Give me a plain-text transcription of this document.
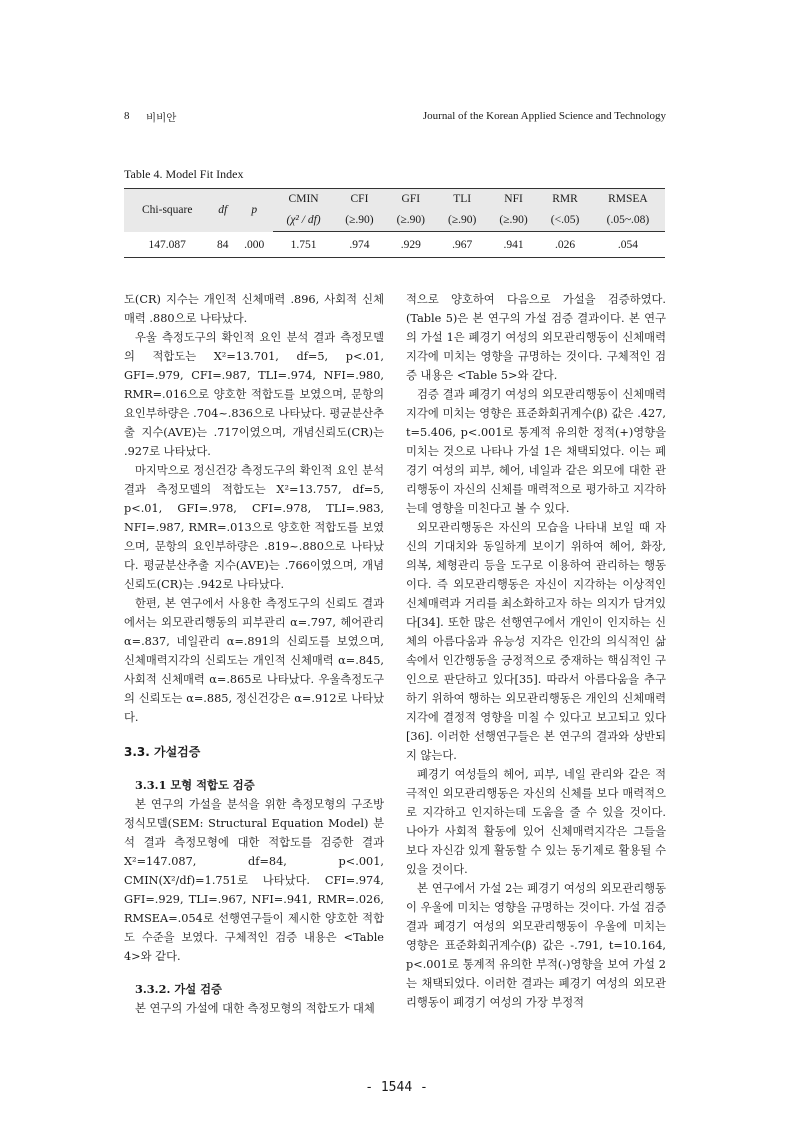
8 비비안	Journal of the Korean Applied Science and Technology
Table 4. Model Fit Index
Chi-square	df	p	CMIN	CFI	GFI	TLI	NFI	RMR	RMSEA
			(χ² / df)	(≥.90)	(≥.90)	(≥.90)	(≥.90)	(<.05)	(.05~.08)
147.087	84	.000	1.751	.974	.929	.967	.941	.026	.054

도(CR) 지수는 개인적 신체매력 .896, 사회적 신체매력 .880으로 나타났다.

우울 측정도구의 확인적 요인 분석 결과 측정모델의 적합도는 X²=13.701, df=5, p<.01, GFI=.979, CFI=.987, TLI=.974, NFI=.980, RMR=.016으로 양호한 적합도를 보였으며, 문항의 요인부하량은 .704~.836으로 나타났다. 평균분산추출 지수(AVE)는 .717이였으며, 개념신뢰도(CR)는 .927로 나타났다.

마지막으로 정신건강 측정도구의 확인적 요인 분석 결과 측정모델의 적합도는 X²=13.757, df=5, p<.01, GFI=.978, CFI=.978, TLI=.983, NFI=.987, RMR=.013으로 양호한 적합도를 보였으며, 문항의 요인부하량은 .819~.880으로 나타났다. 평균분산추출 지수(AVE)는 .766이였으며, 개념신뢰도(CR)는 .942로 나타났다.

한편, 본 연구에서 사용한 측정도구의 신뢰도 결과에서는 외모관리행동의 피부관리 α=.797, 헤어관리 α=.837, 네일관리 α=.891의 신뢰도를 보였으며, 신체매력지각의 신뢰도는 개인적 신체매력 α=.845, 사회적 신체매력 α=.865로 나타났다. 우울측정도구의 신뢰도는 α=.885, 정신건강은 α=.912로 나타났다.

3.3. 가설검증
3.3.1 모형 적합도 검증

본 연구의 가설을 분석을 위한 측정모형의 구조방정식모델(SEM: Structural Equation Model) 분석 결과 측정모형에 대한 적합도를 검증한 결과 X²=147.087, df=84, p<.001, CMIN(X²/df)=1.751로 나타났다. CFI=.974, GFI=.929, TLI=.967, NFI=.941, RMR=.026, RMSEA=.054로 선행연구들이 제시한 양호한 적합도 수준을 보였다. 구체적인 검증 내용은 <Table 4>와 같다.

3.3.2. 가설 검증

본 연구의 가설에 대한 측정모형의 적합도가 대체

적으로 양호하여 다음으로 가설을 검증하였다. (Table 5)은 본 연구의 가설 검증 결과이다. 본 연구의 가설 1은 폐경기 여성의 외모관리행동이 신체매력지각에 미치는 영향을 규명하는 것이다. 구체적인 검증 내용은 <Table 5>와 같다.

검증 결과 폐경기 여성의 외모관리행동이 신체매력지각에 미치는 영향은 표준화회귀계수(β) 값은 .427, t=5.406, p<.001로 통계적 유의한 정적(+)영향을 미치는 것으로 나타나 가설 1은 채택되었다. 이는 폐경기 여성의 피부, 헤어, 네일과 같은 외모에 대한 관리행동이 자신의 신체를 매력적으로 평가하고 지각하는데 영향을 미친다고 볼 수 있다.

외모관리행동은 자신의 모습을 나타내 보일 때 자신의 기대치와 동일하게 보이기 위하여 헤어, 화장, 의복, 체형관리 등을 도구로 이용하여 관리하는 행동이다. 즉 외모관리행동은 자신이 지각하는 이상적인 신체매력과 거리를 최소화하고자 하는 의지가 담겨있다[34]. 또한 많은 선행연구에서 개인이 인지하는 신체의 아름다움과 유능성 지각은 인간의 의식적인 삶 속에서 인간행동을 긍정적으로 중재하는 핵심적인 구인으로 판단하고 있다[35]. 따라서 아름다움을 추구하기 위하여 행하는 외모관리행동은 개인의 신체매력지각에 결정적 영향을 미칠 수 있다고 보고되고 있다[36]. 이러한 선행연구들은 본 연구의 결과와 상반되지 않는다.

폐경기 여성들의 헤어, 피부, 네일 관리와 같은 적극적인 외모관리행동은 자신의 신체를 보다 매력적으로 지각하고 인지하는데 도움을 줄 수 있을 것이다. 나아가 사회적 활동에 있어 신체매력지각은 그들을 보다 자신감 있게 활동할 수 있는 동기제로 활용될 수 있을 것이다.

본 연구에서 가설 2는 폐경기 여성의 외모관리행동이 우울에 미치는 영향을 규명하는 것이다. 가설 검증 결과 폐경기 여성의 외모관리행동이 우울에 미치는 영향은 표준화회귀계수(β) 값은 -.791, t=10.164, p<.001로 통계적 유의한 부적(-)영향을 보여 가설 2는 채택되었다. 이러한 결과는 폐경기 여성의 외모관리행동이 폐경기 여성의 가장 부정적

- 1544 -
